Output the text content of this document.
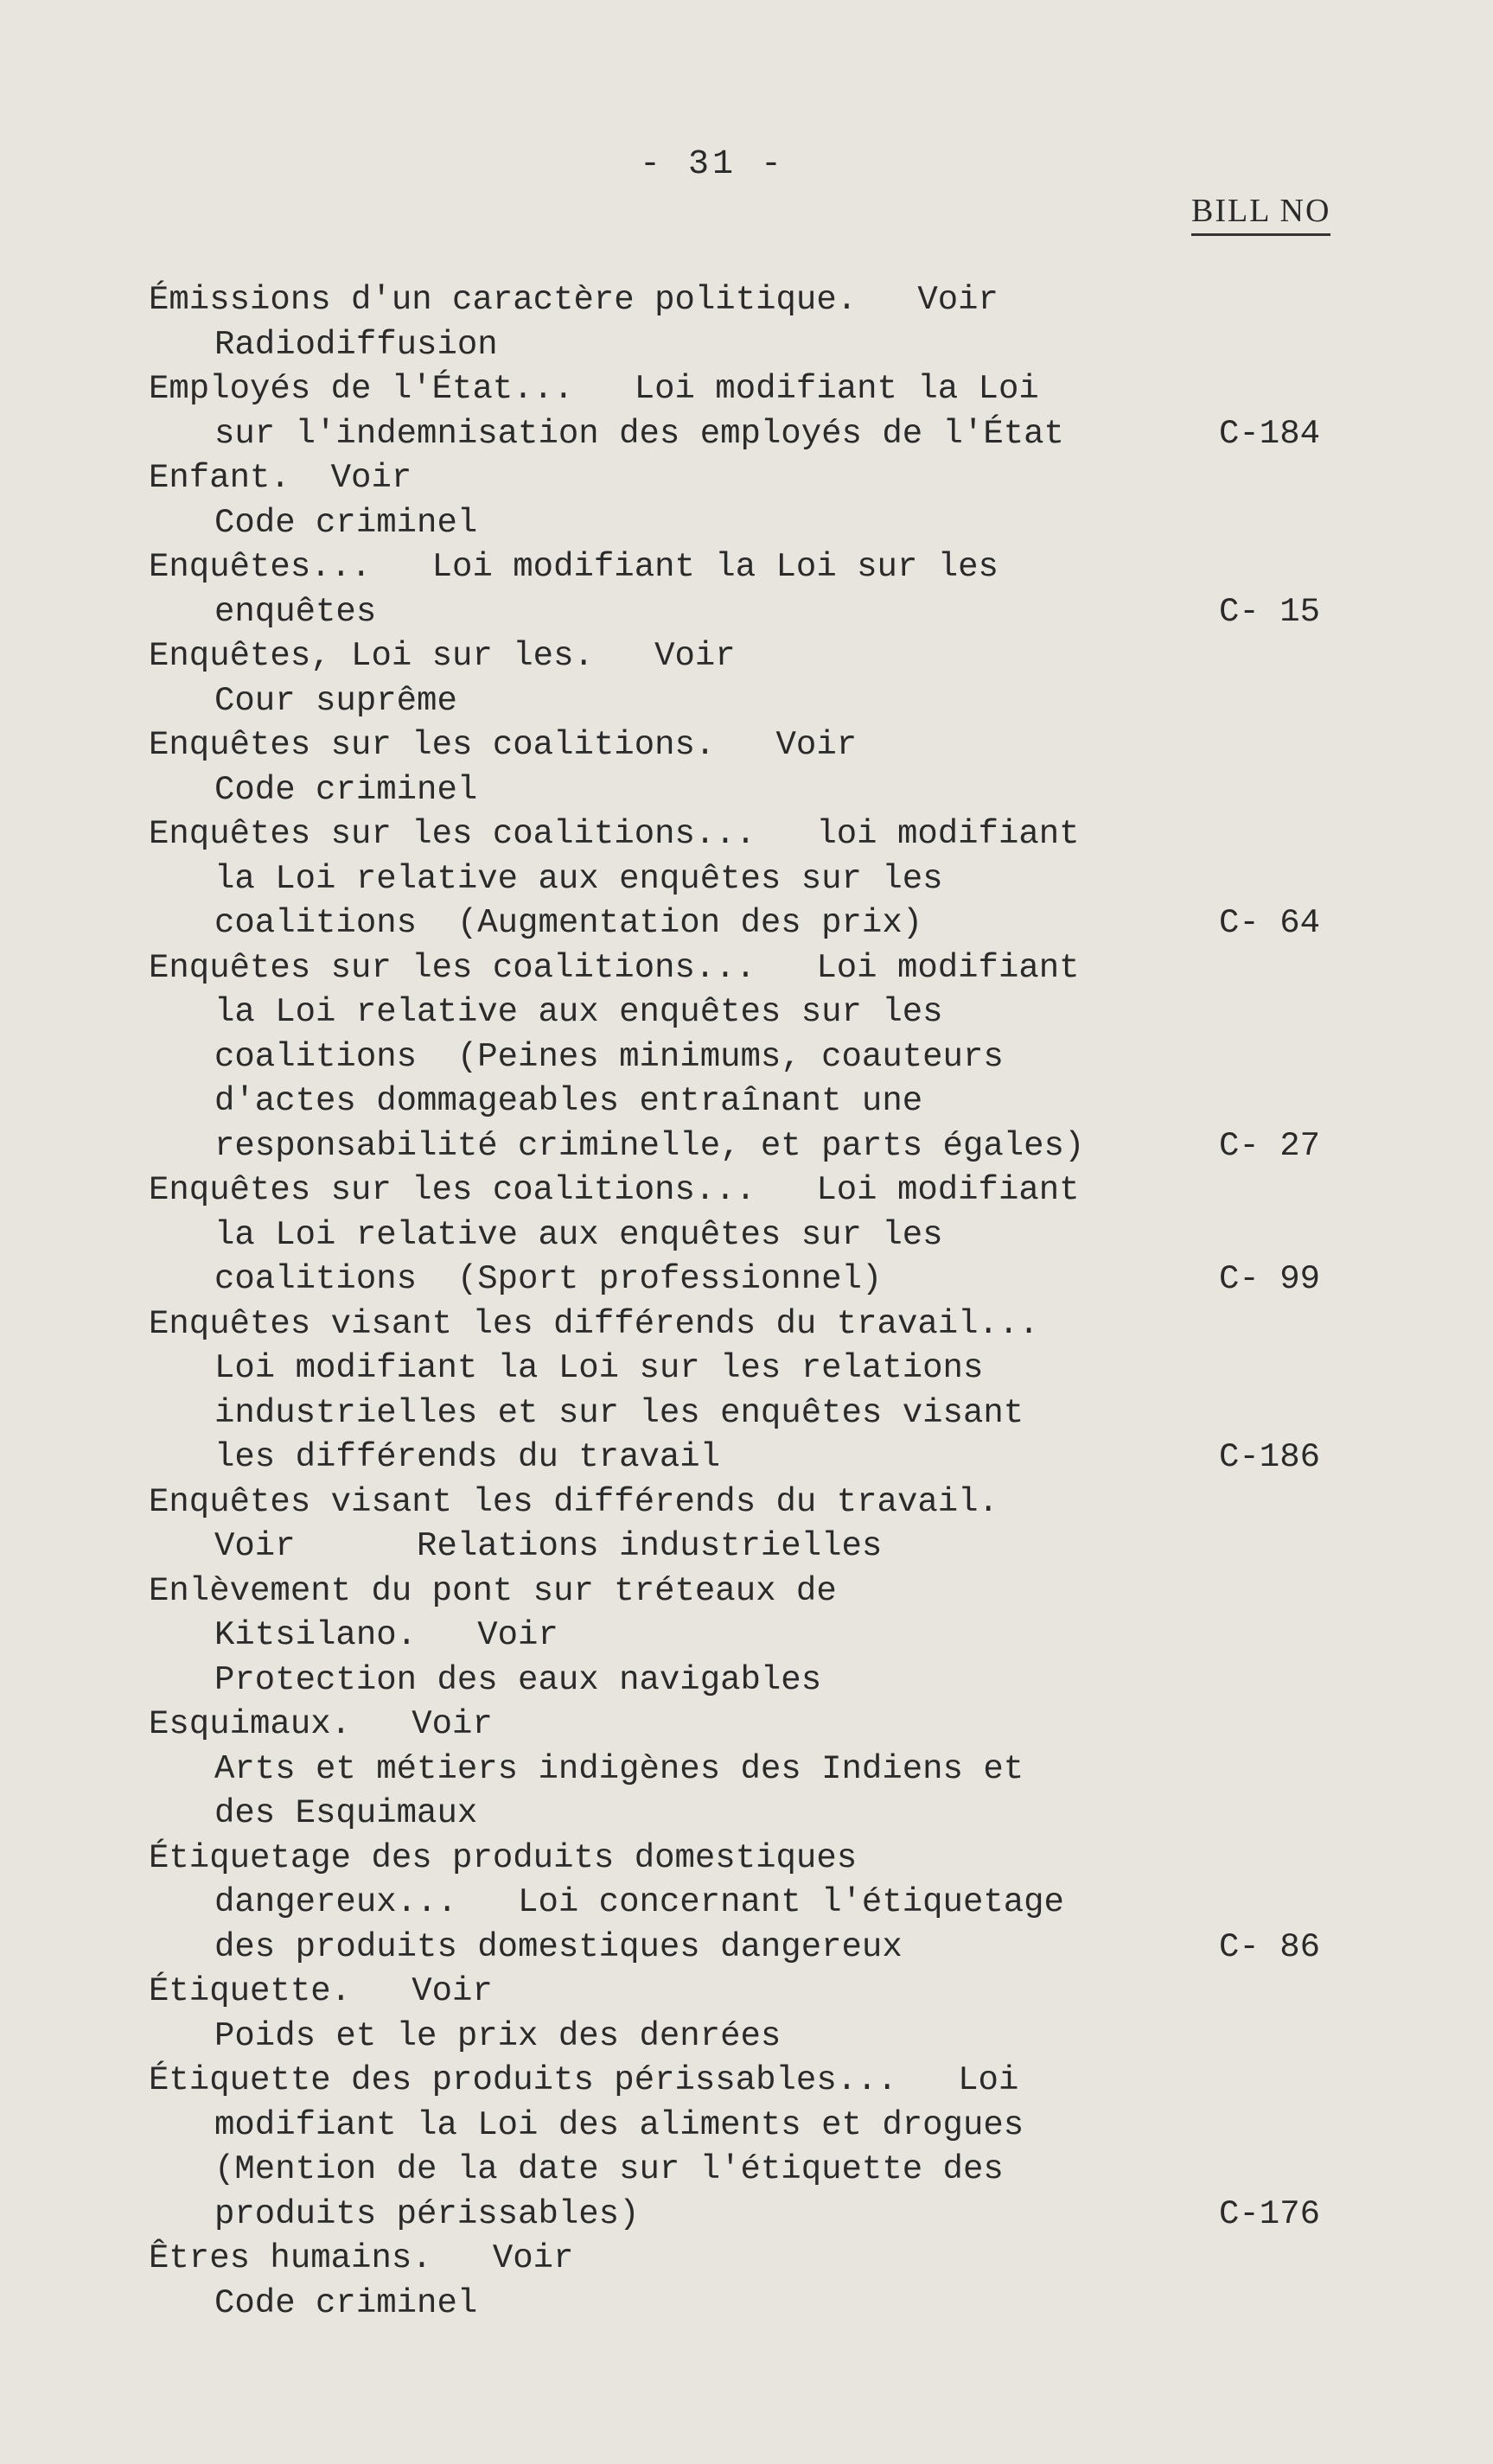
- 31 -
BILL NO
Émissions d'un caractère politique.   Voir
Radiodiffusion
Employés de l'État...   Loi modifiant la Loi
sur l'indemnisation des employés de l'État	C-184
Enfant.  Voir
Code criminel
Enquêtes...   Loi modifiant la Loi sur les
enquêtes	C- 15
Enquêtes, Loi sur les.   Voir
Cour suprême
Enquêtes sur les coalitions.   Voir
Code criminel
Enquêtes sur les coalitions...   loi modifiant
la Loi relative aux enquêtes sur les
coalitions  (Augmentation des prix)	C- 64
Enquêtes sur les coalitions...   Loi modifiant
la Loi relative aux enquêtes sur les
coalitions  (Peines minimums, coauteurs
d'actes dommageables entraînant une
responsabilité criminelle, et parts égales)	C- 27
Enquêtes sur les coalitions...   Loi modifiant
la Loi relative aux enquêtes sur les
coalitions  (Sport professionnel)	C- 99
Enquêtes visant les différends du travail...
Loi modifiant la Loi sur les relations
industrielles et sur les enquêtes visant
les différends du travail	C-186
Enquêtes visant les différends du travail.
Voir      Relations industrielles
Enlèvement du pont sur tréteaux de
Kitsilano.   Voir
Protection des eaux navigables
Esquimaux.   Voir
Arts et métiers indigènes des Indiens et
des Esquimaux
Étiquetage des produits domestiques
dangereux...   Loi concernant l'étiquetage
des produits domestiques dangereux	C- 86
Étiquette.   Voir
Poids et le prix des denrées
Étiquette des produits périssables...   Loi
modifiant la Loi des aliments et drogues
(Mention de la date sur l'étiquette des
produits périssables)	C-176
Êtres humains.   Voir
Code criminel
